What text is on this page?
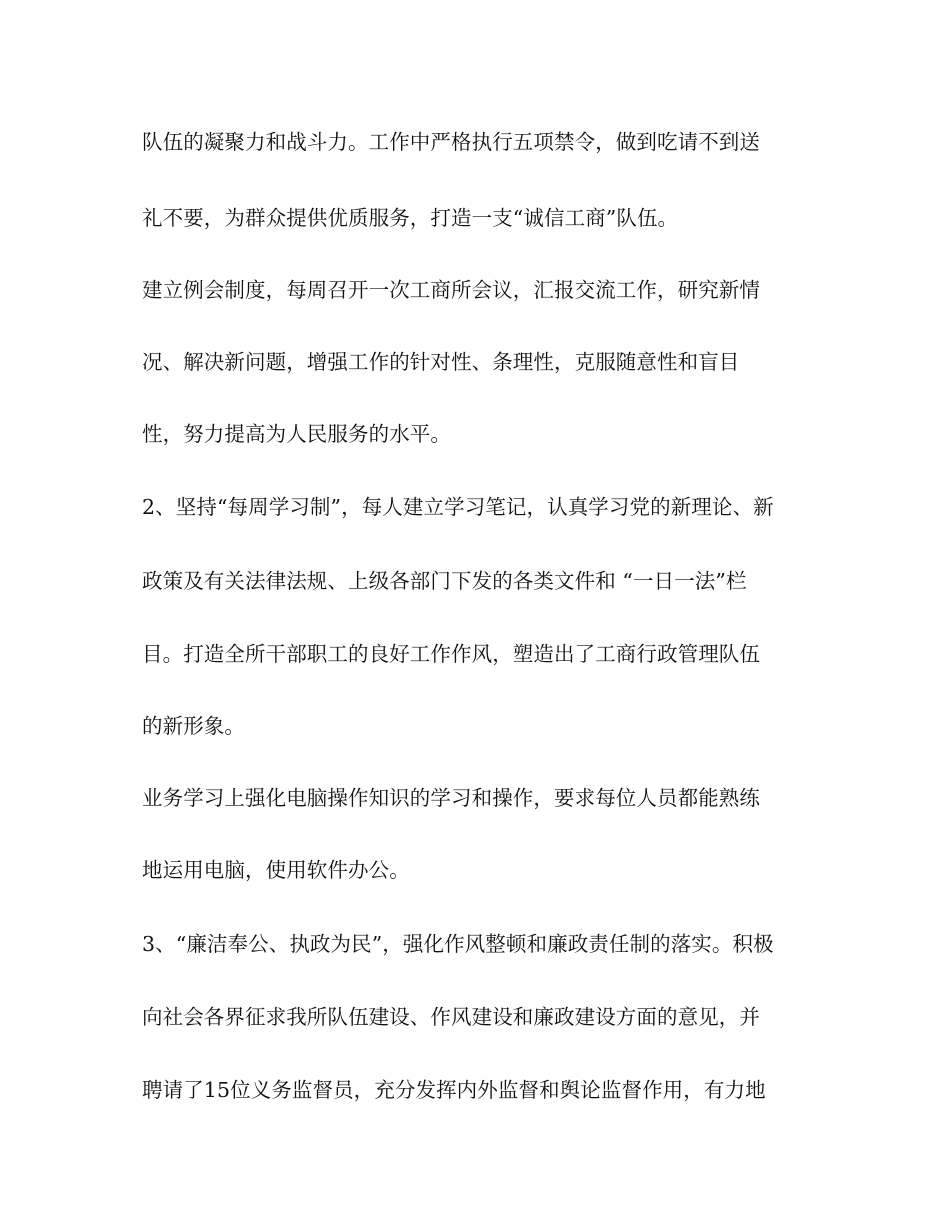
队伍的凝聚力和战斗力。工作中严格执行五项禁令，做到吃请不到送
礼不要，为群众提供优质服务，打造一支“诚信工商”队伍。
建立例会制度，每周召开一次工商所会议，汇报交流工作，研究新情
况、解决新问题，增强工作的针对性、条理性，克服随意性和盲目
性，努力提高为人民服务的水平。
2、坚持“每周学习制”，每人建立学习笔记，认真学习党的新理论、新
政策及有关法律法规、上级各部门下发的各类文件和 “一日一法”栏
目。打造全所干部职工的良好工作作风，塑造出了工商行政管理队伍
的新形象。
业务学习上强化电脑操作知识的学习和操作，要求每位人员都能熟练
地运用电脑，使用软件办公。
3、“廉洁奉公、执政为民”，强化作风整顿和廉政责任制的落实。积极
向社会各界征求我所队伍建设、作风建设和廉政建设方面的意见，并
聘请了15位义务监督员，充分发挥内外监督和舆论监督作用，有力地
